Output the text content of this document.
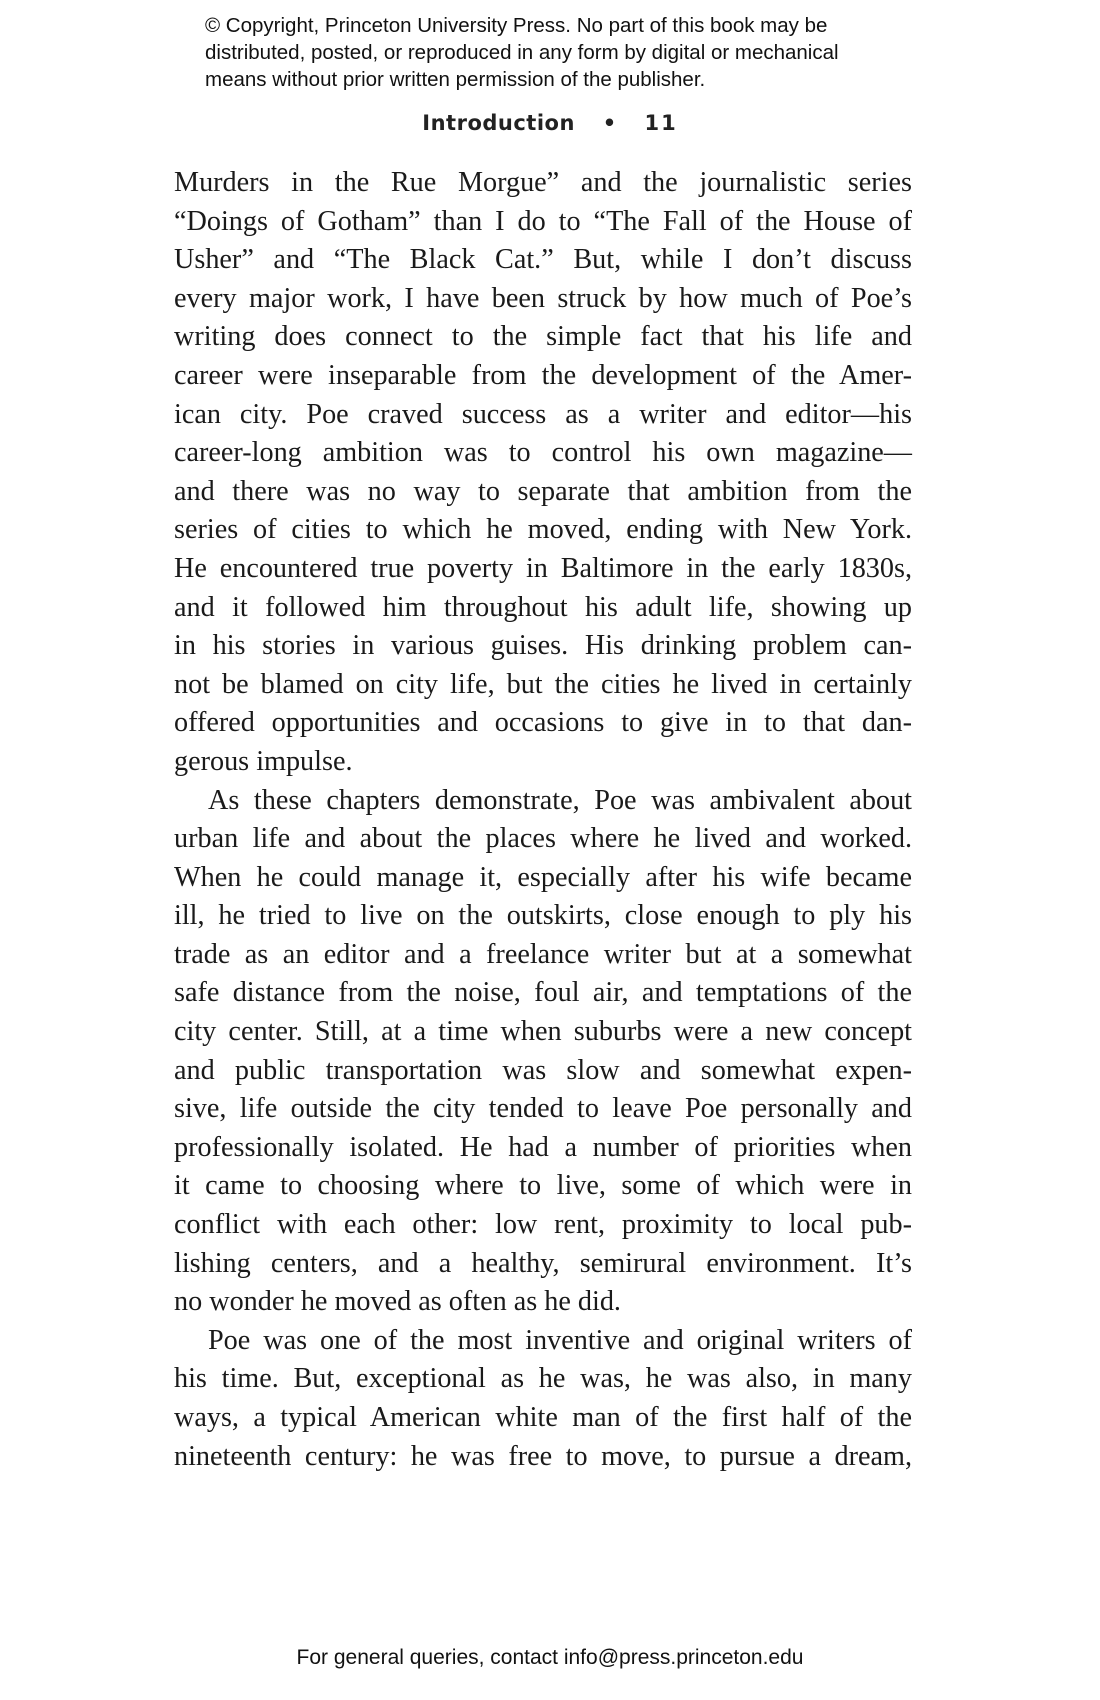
© Copyright, Princeton University Press. No part of this book may be
distributed, posted, or reproduced in any form by digital or mechanical
means without prior written permission of the publisher.
Introduction • 11
Murders in the Rue Morgue” and the journalistic series
“Doings of Gotham” than I do to “The Fall of the House of
Usher” and “The Black Cat.” But, while I don’t discuss
every major work, I have been struck by how much of Poe’s
writing does connect to the simple fact that his life and
career were inseparable from the development of the Amer-
ican city. Poe craved success as a writer and editor—his
career-long ambition was to control his own magazine—
and there was no way to separate that ambition from the
series of cities to which he moved, ending with New York.
He encountered true poverty in Baltimore in the early 1830s,
and it followed him throughout his adult life, showing up
in his stories in various guises. His drinking problem can-
not be blamed on city life, but the cities he lived in certainly
offered opportunities and occasions to give in to that dan-
gerous impulse.
As these chapters demonstrate, Poe was ambivalent about
urban life and about the places where he lived and worked.
When he could manage it, especially after his wife became
ill, he tried to live on the outskirts, close enough to ply his
trade as an editor and a freelance writer but at a somewhat
safe distance from the noise, foul air, and temptations of the
city center. Still, at a time when suburbs were a new concept
and public transportation was slow and somewhat expen-
sive, life outside the city tended to leave Poe personally and
professionally isolated. He had a number of priorities when
it came to choosing where to live, some of which were in
conflict with each other: low rent, proximity to local pub-
lishing centers, and a healthy, semirural environment. It’s
no wonder he moved as often as he did.
Poe was one of the most inventive and original writers of
his time. But, exceptional as he was, he was also, in many
ways, a typical American white man of the first half of the
nineteenth century: he was free to move, to pursue a dream,
For general queries, contact info@press.princeton.edu
